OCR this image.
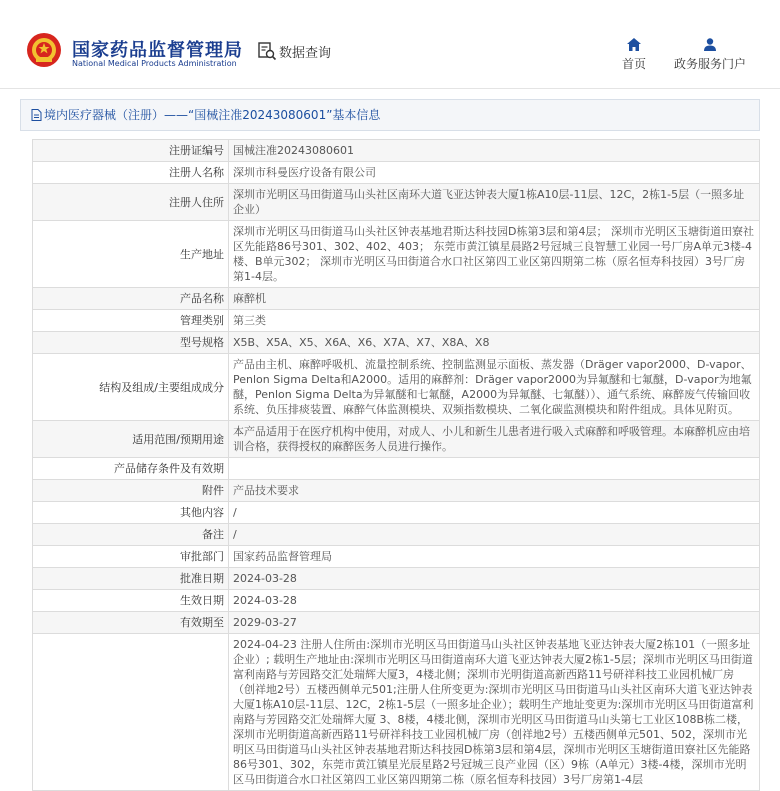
国家药品监督管理局
National Medical Products Administration
数据查询
首页	政务服务门户
境内医疗器械（注册）——“国械注准20243080601”基本信息
注册证编号	国械注准20243080601
注册人名称	深圳市科曼医疗设备有限公司
注册人住所	深圳市光明区马田街道马山头社区南环大道飞亚达钟表大厦1栋A10层-11层、12C，2栋1-5层（一照多址企业）
生产地址	深圳市光明区马田街道马山头社区钟表基地君斯达科技园D栋第3层和第4层； 深圳市光明区玉塘街道田寮社区先能路86号301、302、402、403； 东莞市黄江镇星晨路2号冠城三良智慧工业园一号厂房A单元3楼-4楼、B单元302； 深圳市光明区马田街道合水口社区第四工业区第四期第二栋（原名恒寿科技园）3号厂房第1-4层。
产品名称	麻醉机
管理类别	第三类
型号规格	X5B、X5A、X5、X6A、X6、X7A、X7、X8A、X8
结构及组成/主要组成成分	产品由主机、麻醉呼吸机、流量控制系统、控制监测显示面板、蒸发器（Dräger vapor2000、D-vapor、Penlon Sigma Delta和A2000。适用的麻醉剂：Dräger vapor2000为异氟醚和七氟醚，D-vapor为地氟醚，Penlon Sigma Delta为异氟醚和七氟醚，A2000为异氟醚、七氟醚））、通气系统、麻醉废气传输回收系统、负压排痰装置、麻醉气体监测模块、双频指数模块、二氧化碳监测模块和附件组成。具体见附页。
适用范围/预期用途	本产品适用于在医疗机构中使用，对成人、小儿和新生儿患者进行吸入式麻醉和呼吸管理。本麻醉机应由培训合格，获得授权的麻醉医务人员进行操作。
产品储存条件及有效期	
附件	产品技术要求
其他内容	/
备注	/
审批部门	国家药品监督管理局
批准日期	2024-03-28
生效日期	2024-03-28
有效期至	2029-03-27
	2024-04-23 注册人住所由:深圳市光明区马田街道马山头社区钟表基地飞亚达钟表大厦2栋101（一照多址企业）; 载明生产地址由:深圳市光明区马田街道南环大道飞亚达钟表大厦2栋1-5层；深圳市光明区马田街道富利南路与芳园路交汇处瑞辉大厦3，4楼北侧；深圳市光明街道高新西路11号研祥科技工业园机械厂房（创祥地2号）五楼西侧单元501;注册人住所变更为:深圳市光明区马田街道马山头社区南环大道飞亚达钟表大厦1栋A10层-11层、12C，2栋1-5层（一照多址企业）；载明生产地址变更为:深圳市光明区马田街道富利南路与芳园路交汇处瑞辉大厦 3、8楼，4楼北侧，深圳市光明区马田街道马山头第七工业区108B栋二楼，深圳市光明街道高新西路11号研祥科技工业园机械厂房（创祥地2号）五楼西侧单元501、502，深圳市光明区马田街道马山头社区钟表基地君斯达科技园D栋第3层和第4层，深圳市光明区玉塘街道田寮社区先能路86号301、302，东莞市黄江镇星光辰星路2号冠城三良产业园（区）9栋（A单元）3楼-4楼，深圳市光明区马田街道合水口社区第四工业区第四期第二栋（原名恒寿科技园）3号厂房第1-4层
